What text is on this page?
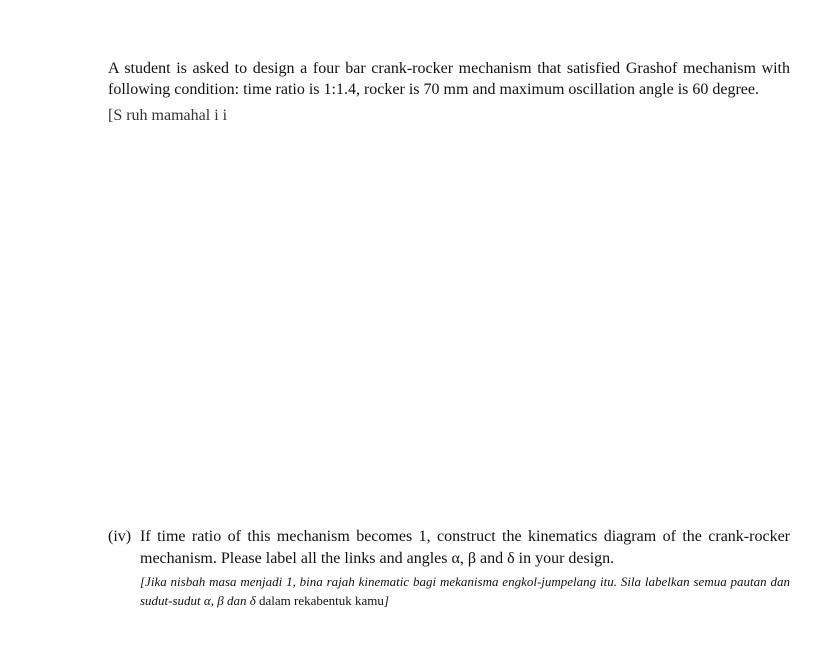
A student is asked to design a four bar crank-rocker mechanism that satisfied Grashof mechanism with following condition: time ratio is 1:1.4, rocker is 70 mm and maximum oscillation angle is 60 degree.

[S ruh mamahal i i
(iv) If time ratio of this mechanism becomes 1, construct the kinematics diagram of the crank-rocker mechanism. Please label all the links and angles α, β and δ in your design.

[Jika nisbah masa menjadi 1, bina rajah kinematic bagi mekanisma engkol-jumpelang itu. Sila labelkan semua pautan dan sudut-sudut α, β dan δ dalam rekabentuk kamu]
